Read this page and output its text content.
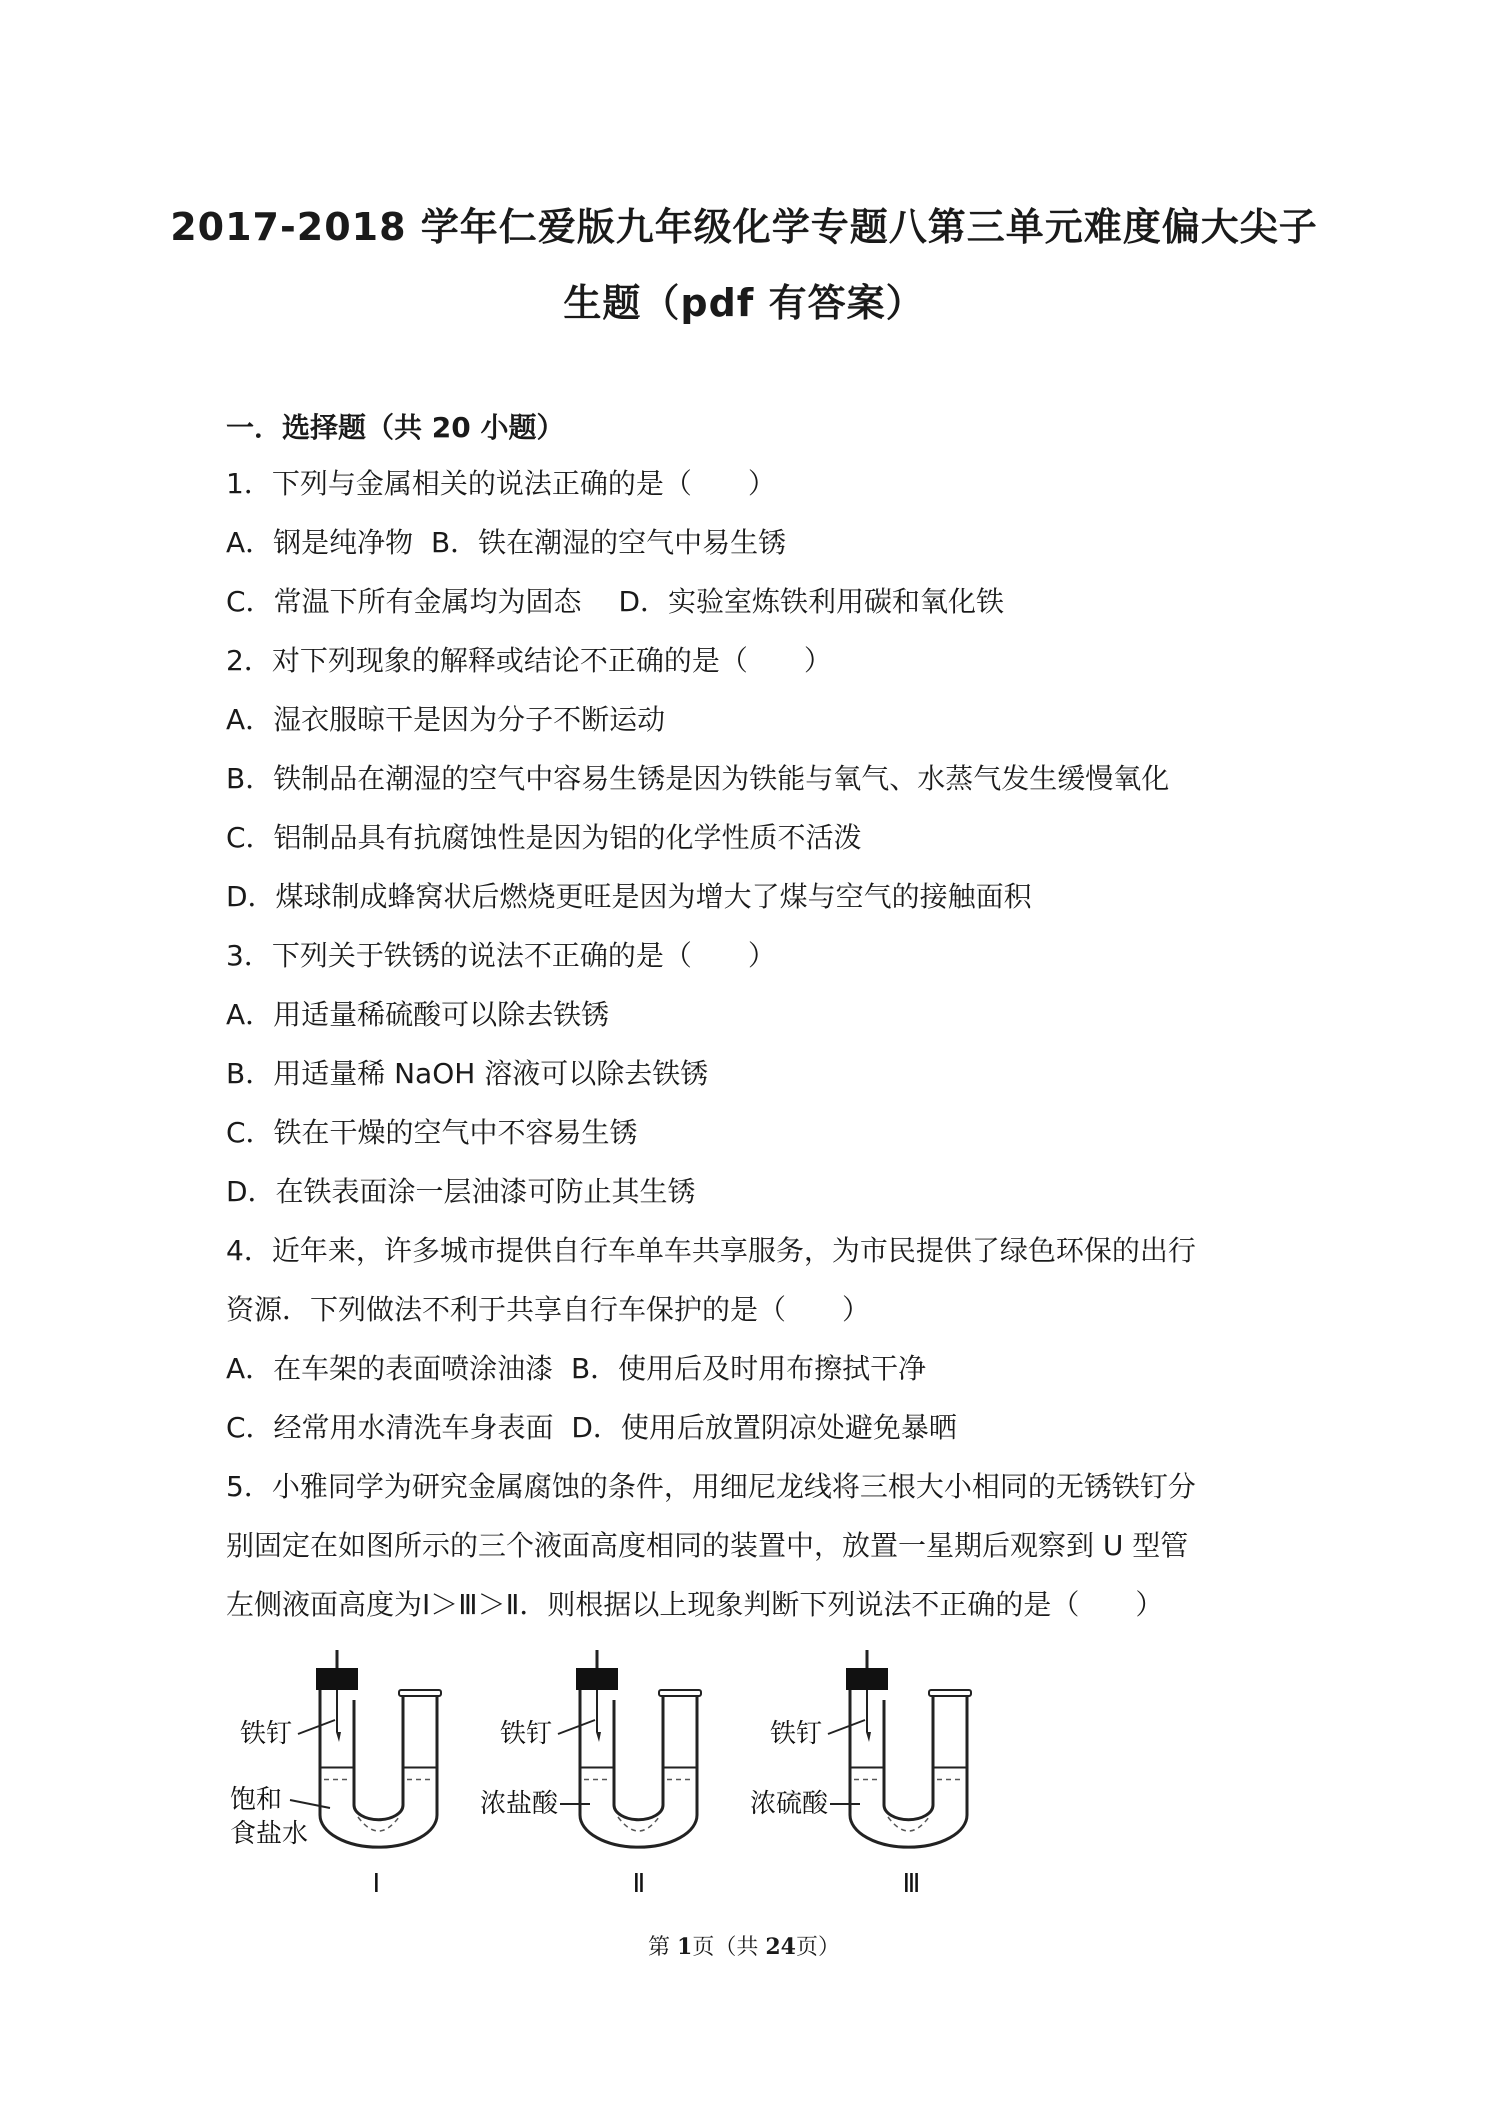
2017-2018 学年仁爱版九年级化学专题八第三单元难度偏大尖子
生题（pdf 有答案）
一．选择题（共 20 小题）
1．下列与金属相关的说法正确的是（　　）
A．钢是纯净物  B．铁在潮湿的空气中易生锈
C．常温下所有金属均为固态　 D．实验室炼铁利用碳和氧化铁
2．对下列现象的解释或结论不正确的是（　　）
A．湿衣服晾干是因为分子不断运动
B．铁制品在潮湿的空气中容易生锈是因为铁能与氧气、水蒸气发生缓慢氧化
C．铝制品具有抗腐蚀性是因为铝的化学性质不活泼
D．煤球制成蜂窝状后燃烧更旺是因为增大了煤与空气的接触面积
3．下列关于铁锈的说法不正确的是（　　）
A．用适量稀硫酸可以除去铁锈
B．用适量稀 NaOH 溶液可以除去铁锈
C．铁在干燥的空气中不容易生锈
D．在铁表面涂一层油漆可防止其生锈
4．近年来，许多城市提供自行车单车共享服务，为市民提供了绿色环保的出行
资源．下列做法不利于共享自行车保护的是（　　）
A．在车架的表面喷涂油漆  B．使用后及时用布擦拭干净
C．经常用水清洗车身表面  D．使用后放置阴凉处避免暴晒
5．小雅同学为研究金属腐蚀的条件，用细尼龙线将三根大小相同的无锈铁钉分
别固定在如图所示的三个液面高度相同的装置中，放置一星期后观察到 U 型管
左侧液面高度为Ⅰ＞Ⅲ＞Ⅱ．则根据以上现象判断下列说法不正确的是（　　）
铁钉
饱和
食盐水
Ⅰ
铁钉
浓盐酸
Ⅱ
铁钉
浓硫酸
Ⅲ
第 1页（共 24页）
